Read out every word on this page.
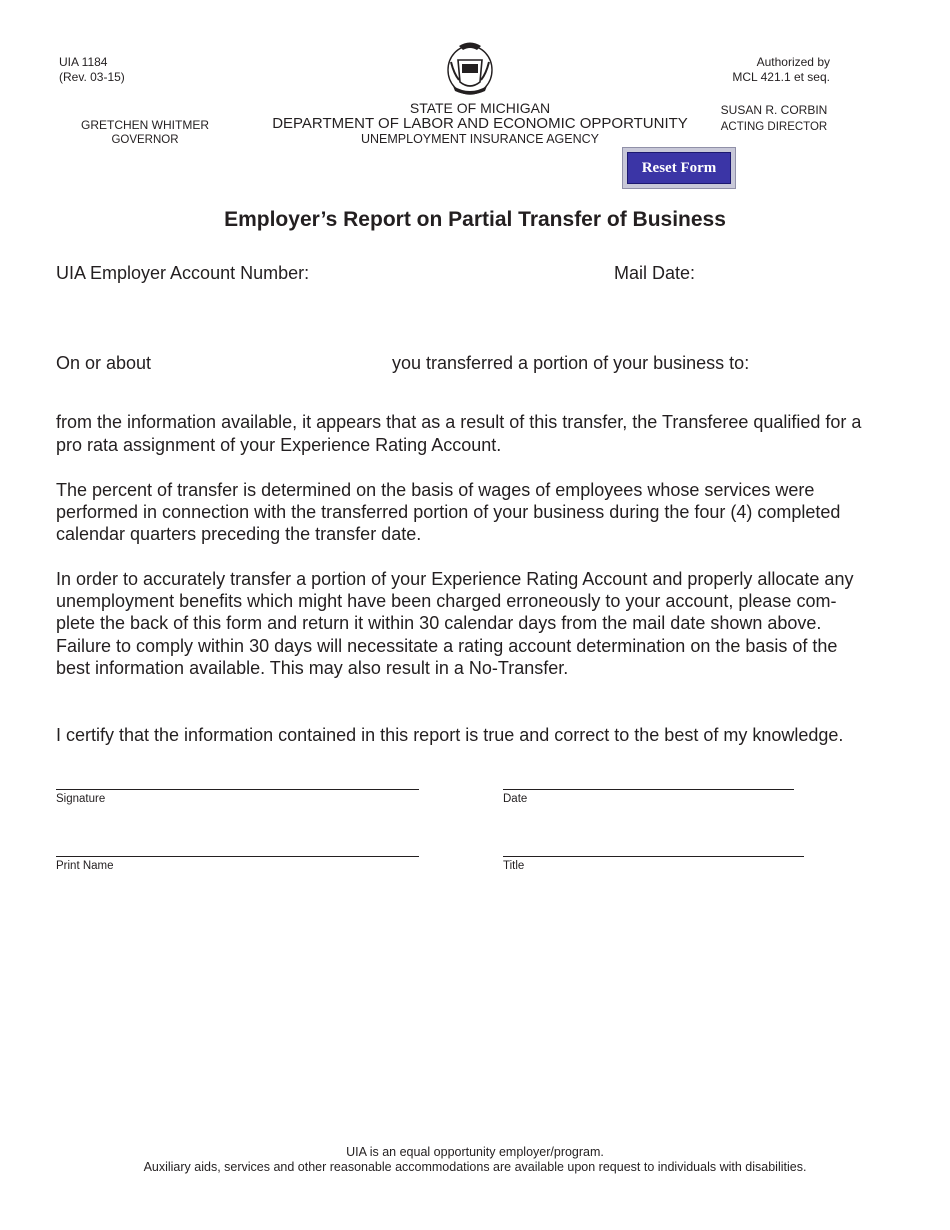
UIA 1184
(Rev. 03-15)
Authorized by
MCL 421.1 et seq.
GRETCHEN WHITMER
GOVERNOR
STATE OF MICHIGAN
DEPARTMENT OF LABOR AND ECONOMIC OPPORTUNITY
UNEMPLOYMENT INSURANCE AGENCY
SUSAN R. CORBIN
ACTING DIRECTOR
Reset Form
Employer’s Report on Partial Transfer of Business
UIA Employer Account Number:	Mail Date:
On or about	you transferred a portion of your business to:
from the information available, it appears that as a result of this transfer, the Transferee qualified for a
pro rata assignment of your Experience Rating Account.
The percent of transfer is determined on the basis of wages of employees whose services were
performed in connection with the transferred portion of your business during the four (4) completed
calendar quarters preceding the transfer date.
In order to accurately transfer a portion of your Experience Rating Account and properly allocate any
unemployment benefits which might have been charged erroneously to your account, please com-
plete the back of this form and return it within 30 calendar days from the mail date shown above.
Failure to comply within 30 days will necessitate a rating account determination on the basis of the
best information available. This may also result in a No-Transfer.
I certify that the information contained in this report is true and correct to the best of my knowledge.
Signature	Date
Print Name	Title
UIA is an equal opportunity employer/program.
Auxiliary aids, services and other reasonable accommodations are available upon request to individuals with disabilities.
